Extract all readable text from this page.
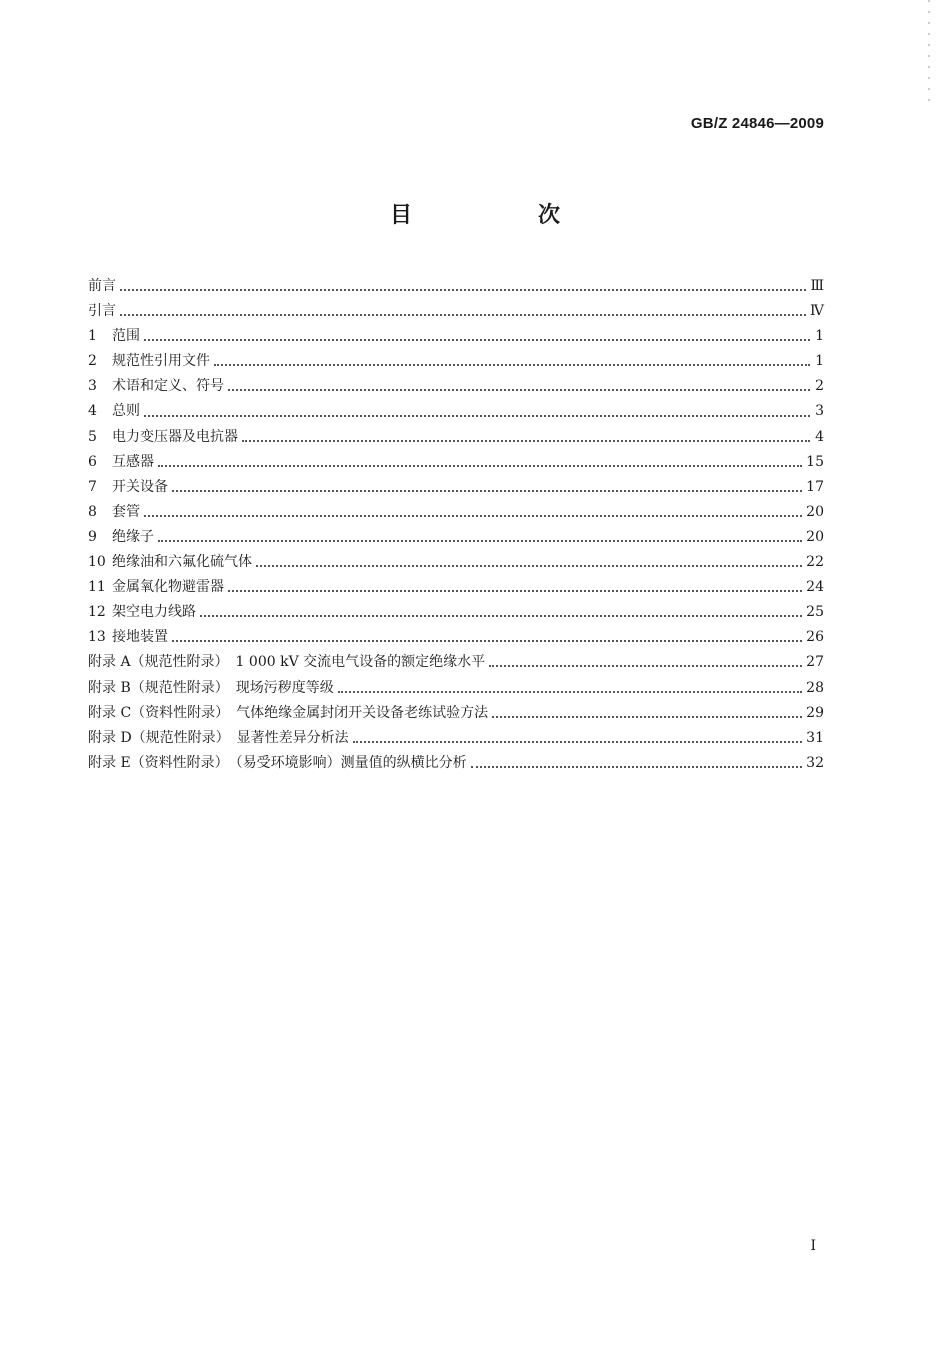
GB/Z 24846—2009
目　次
前言	Ⅲ
引言	Ⅳ
1 范围	1
2 规范性引用文件	1
3 术语和定义、符号	2
4 总则	3
5 电力变压器及电抗器	4
6 互感器	15
7 开关设备	17
8 套管	20
9 绝缘子	20
10 绝缘油和六氟化硫气体	22
11 金属氧化物避雷器	24
12 架空电力线路	25
13 接地装置	26
附录 A（规范性附录）　1 000 kV 交流电气设备的额定绝缘水平	27
附录 B（规范性附录）　现场污秽度等级	28
附录 C（资料性附录）　气体绝缘金属封闭开关设备老练试验方法	29
附录 D（规范性附录）　显著性差异分析法	31
附录 E（资料性附录）　（易受环境影响）测量值的纵横比分析	32
I
